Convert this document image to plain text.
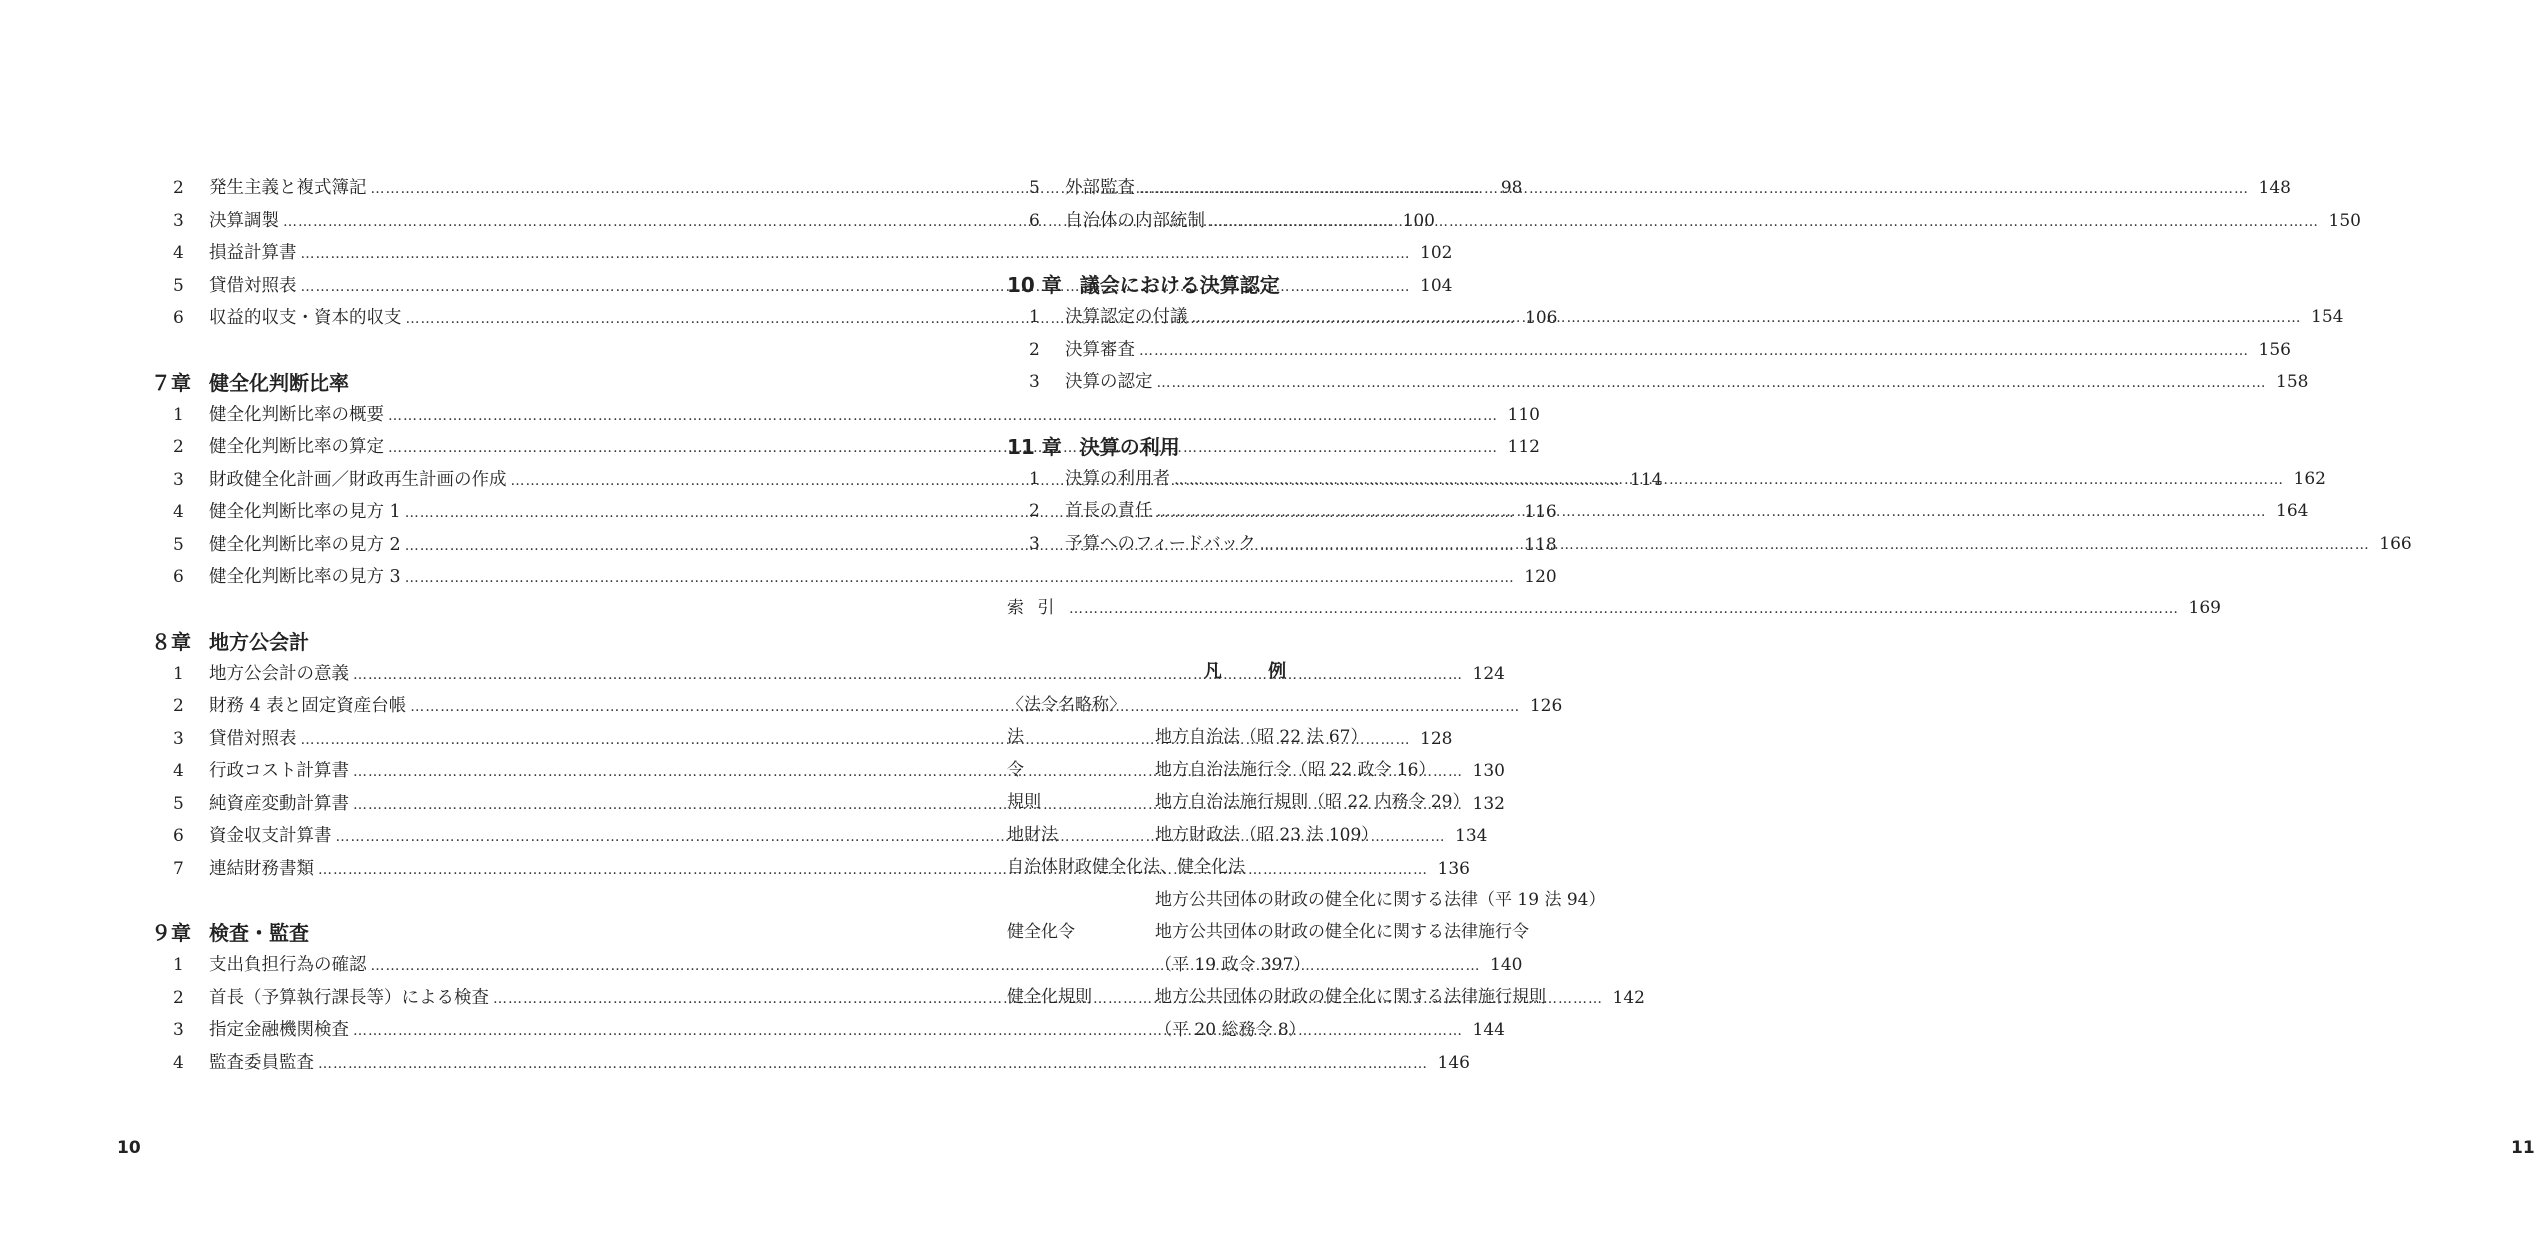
2	発生主義と複式簿記 ……………………………………………………………………………………………………………………………………………………………………………………………………	98
3	決算調製 ……………………………………………………………………………………………………………………………………………………………………………………………………	100
4	損益計算書 ……………………………………………………………………………………………………………………………………………………………………………………………………	102
5	貸借対照表 ……………………………………………………………………………………………………………………………………………………………………………………………………	104
6	収益的収支・資本的収支 ……………………………………………………………………………………………………………………………………………………………………………………………………	106
７章 健全化判断比率
1	健全化判断比率の概要 ……………………………………………………………………………………………………………………………………………………………………………………………………	110
2	健全化判断比率の算定 ……………………………………………………………………………………………………………………………………………………………………………………………………	112
3	財政健全化計画／財政再生計画の作成 ……………………………………………………………………………………………………………………………………………………………………………………………………	114
4	健全化判断比率の見方 1 ……………………………………………………………………………………………………………………………………………………………………………………………………	116
5	健全化判断比率の見方 2 ……………………………………………………………………………………………………………………………………………………………………………………………………	118
6	健全化判断比率の見方 3 ……………………………………………………………………………………………………………………………………………………………………………………………………	120
８章 地方公会計
1	地方公会計の意義 ……………………………………………………………………………………………………………………………………………………………………………………………………	124
2	財務 4 表と固定資産台帳 ……………………………………………………………………………………………………………………………………………………………………………………………………	126
3	貸借対照表 ……………………………………………………………………………………………………………………………………………………………………………………………………	128
4	行政コスト計算書 ……………………………………………………………………………………………………………………………………………………………………………………………………	130
5	純資産変動計算書 ……………………………………………………………………………………………………………………………………………………………………………………………………	132
6	資金収支計算書 ……………………………………………………………………………………………………………………………………………………………………………………………………	134
7	連結財務書類 ……………………………………………………………………………………………………………………………………………………………………………………………………	136
９章 検査・監査
1	支出負担行為の確認 ……………………………………………………………………………………………………………………………………………………………………………………………………	140
2	首長（予算執行課長等）による検査 ……………………………………………………………………………………………………………………………………………………………………………………………………	142
3	指定金融機関検査 ……………………………………………………………………………………………………………………………………………………………………………………………………	144
4	監査委員監査 ……………………………………………………………………………………………………………………………………………………………………………………………………	146
10
5	外部監査 ……………………………………………………………………………………………………………………………………………………………………………………………………	148
6	自治体の内部統制 ……………………………………………………………………………………………………………………………………………………………………………………………………	150
10 章 議会における決算認定
1	決算認定の付議 ……………………………………………………………………………………………………………………………………………………………………………………………………	154
2	決算審査 ……………………………………………………………………………………………………………………………………………………………………………………………………	156
3	決算の認定 ……………………………………………………………………………………………………………………………………………………………………………………………………	158
11 章 決算の利用
1	決算の利用者 ……………………………………………………………………………………………………………………………………………………………………………………………………	162
2	首長の責任 ……………………………………………………………………………………………………………………………………………………………………………………………………	164
3	予算へのフィードバック ……………………………………………………………………………………………………………………………………………………………………………………………………	166
索 引 ……………………………………………………………………………………………………………………………………………………………………………………………………	169
凡 例
〈法令名略称〉
法	地方自治法（昭 22 法 67）
令	地方自治法施行令（昭 22 政令 16）
規則	地方自治法施行規則（昭 22 内務令 29）
地財法	地方財政法（昭 23 法 109）
自治体財政健全化法、健全化法
地方公共団体の財政の健全化に関する法律（平 19 法 94）
健全化令	地方公共団体の財政の健全化に関する法律施行令
（平 19 政令 397）
健全化規則	地方公共団体の財政の健全化に関する法律施行規則
（平 20 総務令 8）
11
